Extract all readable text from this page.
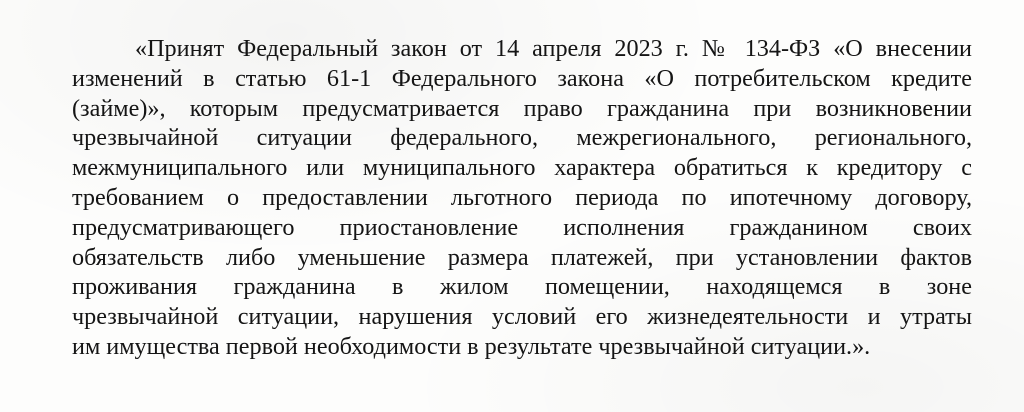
«Принят Федеральный закон от 14 апреля 2023 г. № 134-ФЗ «О внесении
изменений в статью 61-1 Федерального закона «О потребительском кредите
(займе)», которым предусматривается право гражданина при возникновении
чрезвычайной ситуации федерального, межрегионального, регионального,
межмуниципального или муниципального характера обратиться к кредитору с
требованием о предоставлении льготного периода по ипотечному договору,
предусматривающего приостановление исполнения гражданином своих
обязательств либо уменьшение размера платежей, при установлении фактов
проживания гражданина в жилом помещении, находящемся в зоне
чрезвычайной ситуации, нарушения условий его жизнедеятельности и утраты
им имущества первой необходимости в результате чрезвычайной ситуации.».
